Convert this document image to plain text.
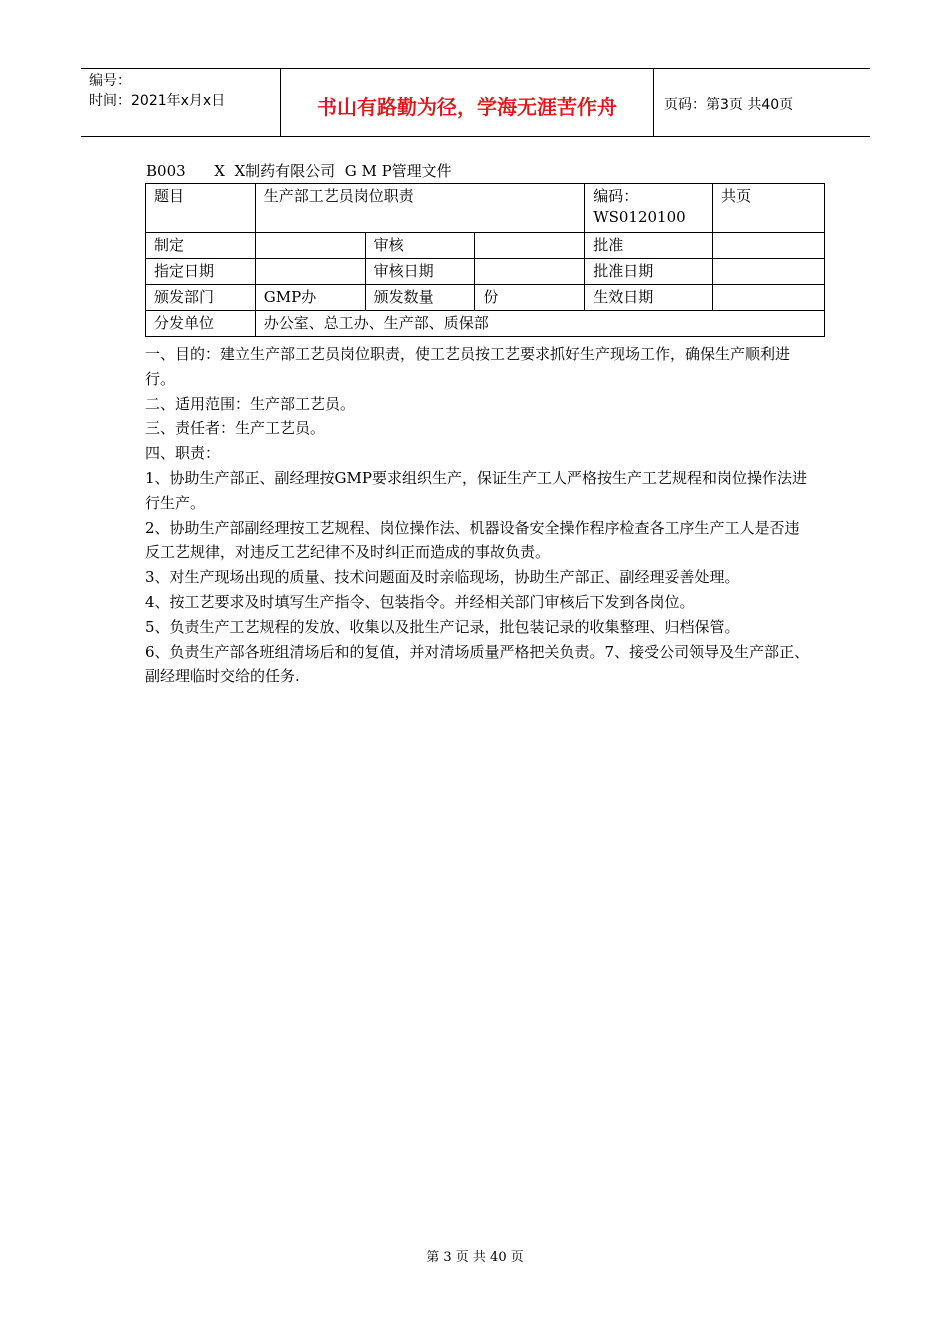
编号：
时间：2021年x月x日	书山有路勤为径，学海无涯苦作舟	页码：第3页 共40页
B003      X  X制药有限公司  G M P管理文件
题目	生产部工艺员岗位职责			编码：WS0120100	共页
制定		审核		批准	
指定日期		审核日期		批准日期	
颁发部门	GMP办	颁发数量	份	生效日期	
分发单位	办公室、总工办、生产部、质保部				

一、目的：建立生产部工艺员岗位职责，使工艺员按工艺要求抓好生产现场工作，确保生产顺利进行。

二、适用范围：生产部工艺员。

三、责任者：生产工艺员。

四、职责：

1、协助生产部正、副经理按GMP要求组织生产，保证生产工人严格按生产工艺规程和岗位操作法进行生产。

2、协助生产部副经理按工艺规程、岗位操作法、机器设备安全操作程序检查各工序生产工人是否违反工艺规律，对违反工艺纪律不及时纠正而造成的事故负责。

3、对生产现场出现的质量、技术问题面及时亲临现场，协助生产部正、副经理妥善处理。

4、按工艺要求及时填写生产指令、包装指令。并经相关部门审核后下发到各岗位。

5、负责生产工艺规程的发放、收集以及批生产记录，批包装记录的收集整理、归档保管。

6、负责生产部各班组清场后和的复值，并对清场质量严格把关负责。7、接受公司领导及生产部正、副经理临时交给的任务.

第 3 页 共 40 页
